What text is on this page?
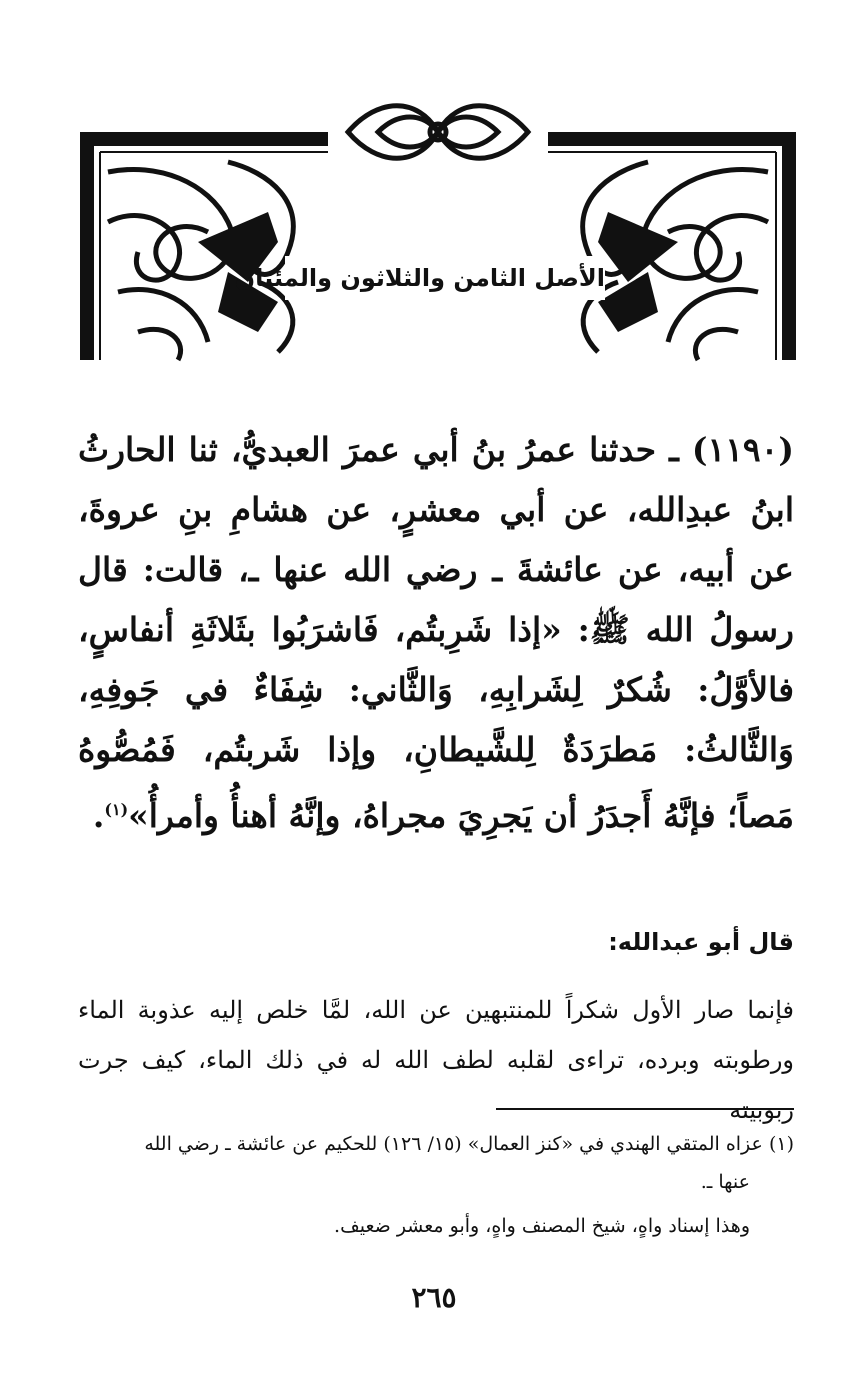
الأصل الثامن والثلاثون والمئتان
(١١٩٠) ـ حدثنا عمرُ بنُ أبي عمرَ العبديُّ، ثنا الحارثُ ابنُ عبدِالله، عن أبي معشرٍ، عن هشامِ بنِ عروةَ، عن أبيه، عن عائشةَ ـ رضي الله عنها ـ، قالت: قال رسولُ الله ﷺ: «إذا شَرِبتُم، فَاشرَبُوا بثَلاثَةِ أنفاسٍ، فالأوَّلُ: شُكرٌ لِشَرابِهِ، وَالثَّاني: شِفَاءٌ في جَوفِهِ، وَالثَّالثُ: مَطرَدَةٌ لِلشَّيطانِ، وإذا شَربتُم، فَمُصُّوهُ مَصاً؛ فإنَّهُ أَجدَرُ أن يَجرِيَ مجراهُ، وإنَّهُ أهنأُ وأمرأُ»$^{(١)}$.
قال أبو عبدالله:
فإنما صار الأول شكراً للمنتبهين عن الله، لمَّا خلص إليه عذوبة الماء ورطوبته وبرده، تراءى لقلبه لطف الله له في ذلك الماء، كيف جرت ربوبيته
(١) عزاه المتقي الهندي في «كنز العمال» (١٥/ ١٢٦) للحكيم عن عائشة ـ رضي الله
عنها ـ.
وهذا إسناد واهٍ، شيخ المصنف واهٍ، وأبو معشر ضعيف.
٢٦٥
